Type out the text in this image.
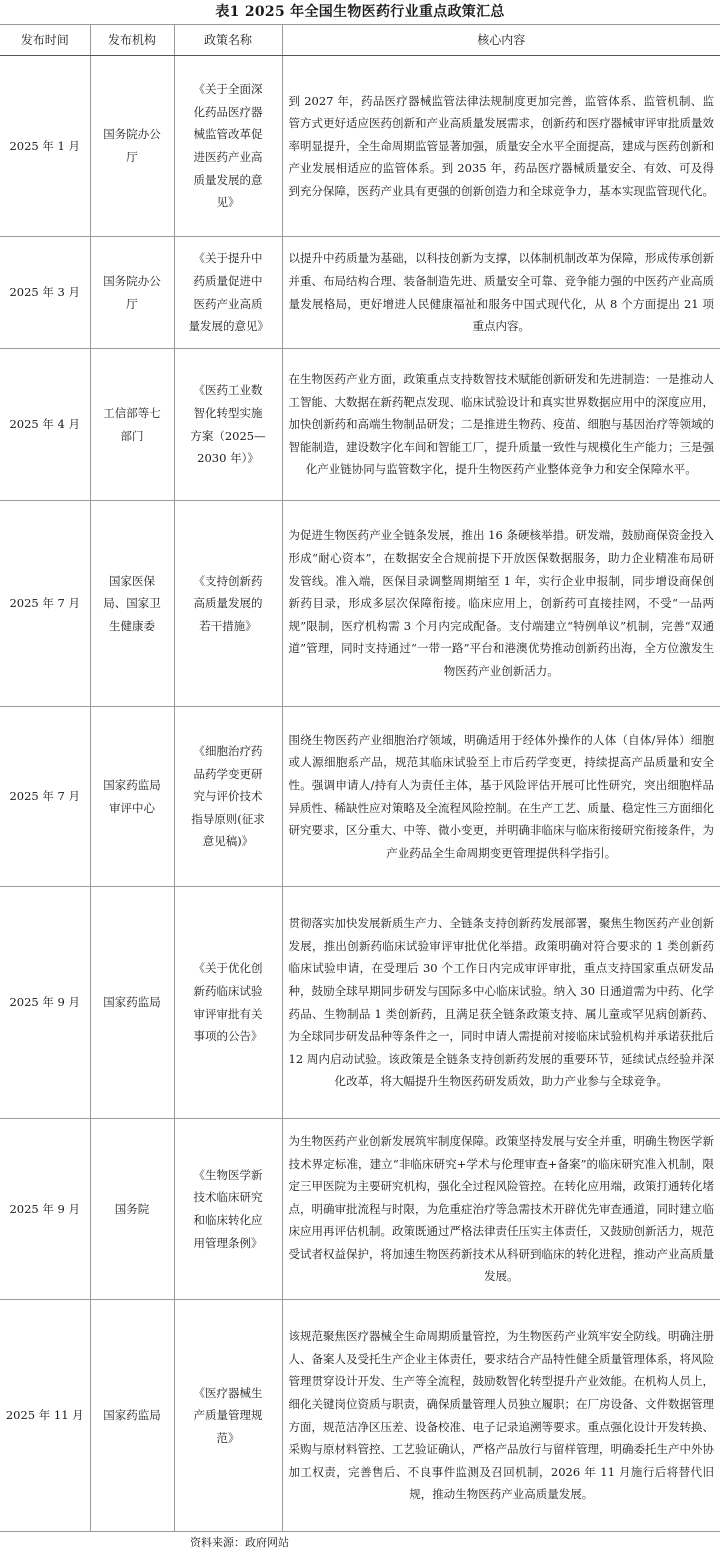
表1 2025 年全国生物医药行业重点政策汇总
发布时间	发布机构	政策名称	核心内容
2025 年 1 月	国务院办公厅	《关于全面深化药品医疗器械监管改革促进医药产业高质量发展的意见》	到 2027 年，药品医疗器械监管法律法规制度更加完善，监管体系、监管机制、监管方式更好适应医药创新和产业高质量发展需求，创新药和医疗器械审评审批质量效率明显提升，全生命周期监管显著加强，质量安全水平全面提高，建成与医药创新和产业发展相适应的监管体系。到 2035 年，药品医疗器械质量安全、有效、可及得到充分保障，医药产业具有更强的创新创造力和全球竞争力，基本实现监管现代化。
2025 年 3 月	国务院办公厅	《关于提升中药质量促进中医药产业高质量发展的意见》	以提升中药质量为基础，以科技创新为支撑，以体制机制改革为保障，形成传承创新并重、布局结构合理、装备制造先进、质量安全可靠、竞争能力强的中医药产业高质量发展格局，更好增进人民健康福祉和服务中国式现代化，从 8 个方面提出 21 项重点内容。
2025 年 4 月	工信部等七部门	《医药工业数智化转型实施方案（2025—2030 年）》	在生物医药产业方面，政策重点支持数智技术赋能创新研发和先进制造：一是推动人工智能、大数据在新药靶点发现、临床试验设计和真实世界数据应用中的深度应用，加快创新药和高端生物制品研发；二是推进生物药、疫苗、细胞与基因治疗等领域的智能制造，建设数字化车间和智能工厂，提升质量一致性与规模化生产能力；三是强化产业链协同与监管数字化，提升生物医药产业整体竞争力和安全保障水平。
2025 年 7 月	国家医保局、国家卫生健康委	《支持创新药高质量发展的若干措施》	为促进生物医药产业全链条发展，推出 16 条硬核举措。研发端，鼓励商保资金投入形成“耐心资本”，在数据安全合规前提下开放医保数据服务，助力企业精准布局研发管线。准入端，医保目录调整周期缩至 1 年，实行企业申报制，同步增设商保创新药目录，形成多层次保障衔接。临床应用上，创新药可直接挂网，不受“一品两规”限制，医疗机构需 3 个月内完成配备。支付端建立“特例单议”机制，完善“双通道”管理，同时支持通过“一带一路”平台和港澳优势推动创新药出海，全方位激发生物医药产业创新活力。
2025 年 7 月	国家药监局审评中心	《细胞治疗药品药学变更研究与评价技术指导原则(征求意见稿)》	围绕生物医药产业细胞治疗领域，明确适用于经体外操作的人体（自体/异体）细胞或人源细胞系产品，规范其临床试验至上市后药学变更，持续提高产品质量和安全性。强调申请人/持有人为责任主体，基于风险评估开展可比性研究，突出细胞样品异质性、稀缺性应对策略及全流程风险控制。在生产工艺、质量、稳定性三方面细化研究要求，区分重大、中等、微小变更，并明确非临床与临床衔接研究衔接条件，为产业药品全生命周期变更管理提供科学指引。
2025 年 9 月	国家药监局	《关于优化创新药临床试验审评审批有关事项的公告》	贯彻落实加快发展新质生产力、全链条支持创新药发展部署，聚焦生物医药产业创新发展，推出创新药临床试验审评审批优化举措。政策明确对符合要求的 1 类创新药临床试验申请，在受理后 30 个工作日内完成审评审批，重点支持国家重点研发品种，鼓励全球早期同步研发与国际多中心临床试验。纳入 30 日通道需为中药、化学药品、生物制品 1 类创新药，且满足获全链条政策支持、属儿童或罕见病创新药、为全球同步研发品种等条件之一，同时申请人需提前对接临床试验机构并承诺获批后 12 周内启动试验。该政策是全链条支持创新药发展的重要环节，延续试点经验并深化改革，将大幅提升生物医药研发质效，助力产业参与全球竞争。
2025 年 9 月	国务院	《生物医学新技术临床研究和临床转化应用管理条例》	为生物医药产业创新发展筑牢制度保障。政策坚持发展与安全并重，明确生物医学新技术界定标准，建立“非临床研究+学术与伦理审查+备案”的临床研究准入机制，限定三甲医院为主要研究机构，强化全过程风险管控。在转化应用端，政策打通转化堵点，明确审批流程与时限，为危重症治疗等急需技术开辟优先审查通道，同时建立临床应用再评估机制。政策既通过严格法律责任压实主体责任，又鼓励创新活力，规范受试者权益保护，将加速生物医药新技术从科研到临床的转化进程，推动产业高质量发展。
2025 年 11 月	国家药监局	《医疗器械生产质量管理规范》	该规范聚焦医疗器械全生命周期质量管控，为生物医药产业筑牢安全防线。明确注册人、备案人及受托生产企业主体责任，要求结合产品特性健全质量管理体系，将风险管理贯穿设计开发、生产等全流程，鼓励数智化转型提升产业效能。在机构人员上，细化关键岗位资质与职责，确保质量管理人员独立履职；在厂房设备、文件数据管理方面，规范洁净区压差、设备校准、电子记录追溯等要求。重点强化设计开发转换、采购与原材料管控、工艺验证确认，严格产品放行与留样管理，明确委托生产中外协加工权责，完善售后、不良事件监测及召回机制，2026 年 11 月施行后将替代旧规，推动生物医药产业高质量发展。
资料来源：政府网站
